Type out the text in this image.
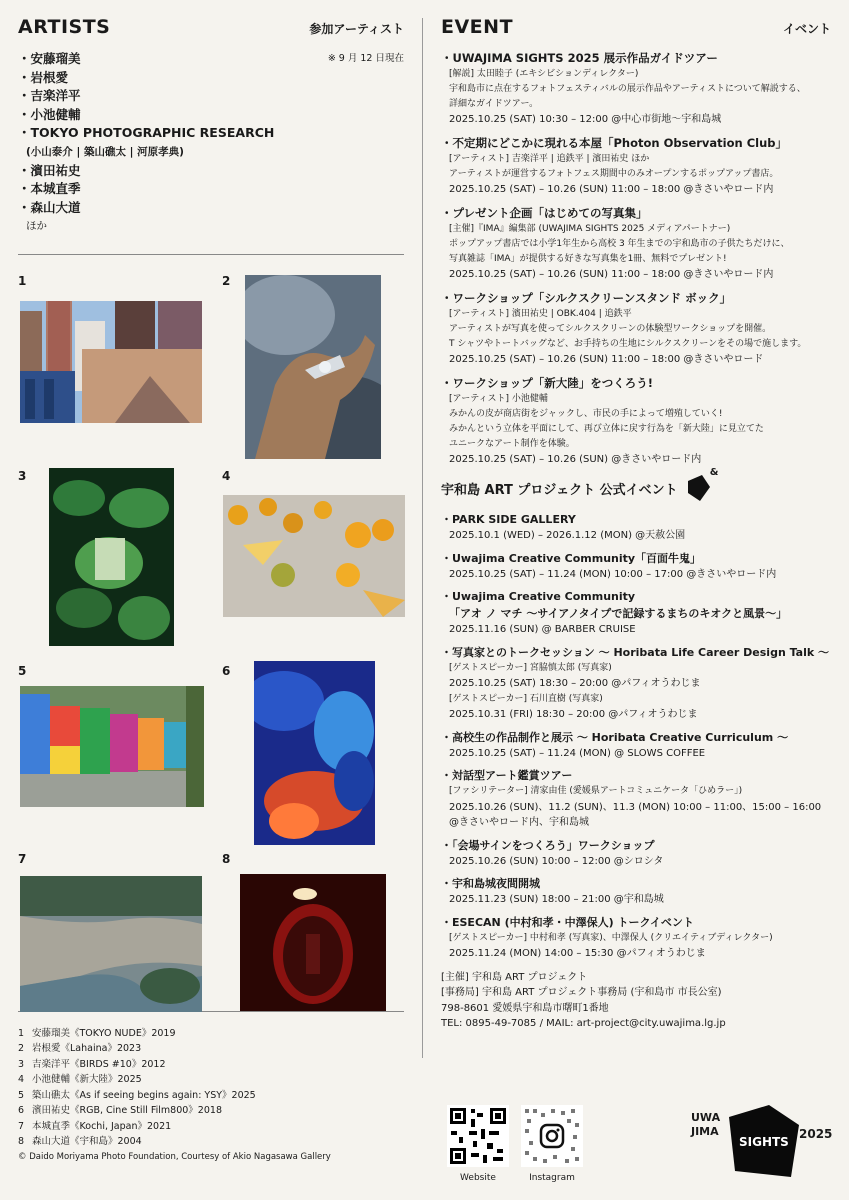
ARTISTS	参加アーティスト
※ 9 月 12 日現在
・安藤瑠美
・岩根愛
・吉楽洋平
・小池健輔
・TOKYO PHOTOGRAPHIC RESEARCH
(小山泰介 | 築山礁太 | 河原孝典)
・濱田祐史
・本城直季
・森山大道
ほか
1	2
3	4
5	6
7	8
1 安藤瑠美《TOKYO NUDE》2019
2 岩根愛《Lahaina》2023
3 吉楽洋平《BIRDS #10》2012
4 小池健輔《新大陸》2025
5 築山礁太《As if seeing begins again: YSY》2025
6 濱田祐史《RGB, Cine Still Film800》2018
7 本城直季《Kochi, Japan》2021
8 森山大道《宇和島》2004
© Daido Moriyama Photo Foundation, Courtesy of Akio Nagasawa Gallery
EVENT	イベント
・UWAJIMA SIGHTS 2025 展示作品ガイドツアー
[解説] 太田睦子 (エキシビションディレクター)
宇和島市に点在するフォトフェスティバルの展示作品やアーティストについて解説する、
詳細なガイドツアー。
2025.10.25 (SAT) 10:30 – 12:00 @中心市街地〜宇和島城
・不定期にどこかに現れる本屋「Photon Observation Club」
[アーティスト] 吉楽洋平 | 追鉄平 | 濱田祐史 ほか
アーティストが運営するフォトフェス期間中のみオープンするポップアップ書店。
2025.10.25 (SAT) – 10.26 (SUN) 11:00 – 18:00 @きさいやロード内
・プレゼント企画「はじめての写真集」
[主催]『IMA』編集部 (UWAJIMA SIGHTS 2025 メディアパートナー)
ポップアップ書店では小学1年生から高校 3 年生までの宇和島市の子供たちだけに、
写真雑誌「IMA」が提供する好きな写真集を1冊、無料でプレゼント!
2025.10.25 (SAT) – 10.26 (SUN) 11:00 – 18:00 @きさいやロード内
・ワークショップ「シルクスクリーンスタンド ボック」
[アーティスト] 濱田祐史 | OBK.404 | 追鉄平
アーティストが写真を使ってシルクスクリーンの体験型ワークショップを開催。
T シャツやトートバッグなど、お手持ちの生地にシルクスクリーンをその場で施します。
2025.10.25 (SAT) – 10.26 (SUN) 11:00 – 18:00 @きさいやロード
・ワークショップ「新大陸」をつくろう!
[アーティスト] 小池健輔
みかんの皮が商店街をジャックし、市民の手によって増殖していく!
みかんという立体を平面にして、再び立体に戻す行為を「新大陸」に見立てた
ユニークなアート制作を体験。
2025.10.25 (SAT) – 10.26 (SUN) @きさいやロード内
宇和島 ART プロジェクト 公式イベント
&
・PARK SIDE GALLERY
2025.10.1 (WED) – 2026.1.12 (MON) @天赦公園
・Uwajima Creative Community「百面牛鬼」
2025.10.25 (SAT) – 11.24 (MON) 10:00 – 17:00 @きさいやロード内
・Uwajima Creative Community
「アオ ノ マチ 〜サイアノタイプで記録するまちのキオクと風景〜」
2025.11.16 (SUN) @ BARBER CRUISE
・写真家とのトークセッション 〜 Horibata Life Career Design Talk 〜
[ゲストスピーカー] 宮脇慎太郎 (写真家)
2025.10.25 (SAT) 18:30 – 20:00 @パフィオうわじま
[ゲストスピーカー] 石川直樹 (写真家)
2025.10.31 (FRI) 18:30 – 20:00 @パフィオうわじま
・高校生の作品制作と展示 〜 Horibata Creative Curriculum 〜
2025.10.25 (SAT) – 11.24 (MON) @ SLOWS COFFEE
・対話型アート鑑賞ツアー
[ファシリテーター] 清家由佳 (愛媛県アートコミュニケータ「ひめラー」)
2025.10.26 (SUN)、11.2 (SUN)、11.3 (MON) 10:00 – 11:00、15:00 – 16:00
@きさいやロード内、宇和島城
・「会場サインをつくろう」ワークショップ
2025.10.26 (SUN) 10:00 – 12:00 @シロシタ
・宇和島城夜間開城
2025.11.23 (SUN) 18:00 – 21:00 @宇和島城
・ESECAN (中村和孝・中澤保人) トークイベント
[ゲストスピーカー] 中村和孝 (写真家)、中澤保人 (クリエイティブディレクター)
2025.11.24 (MON) 14:00 – 15:30 @パフィオうわじま
[主催] 宇和島 ART プロジェクト
[事務局] 宇和島 ART プロジェクト事務局 (宇和島市 市長公室)
798-8601 愛媛県宇和島市曙町1番地
TEL: 0895-49-7085 / MAIL: art-project@city.uwajima.lg.jp
Website	Instagram
UWA
JIMA
SIGHTS
2025
